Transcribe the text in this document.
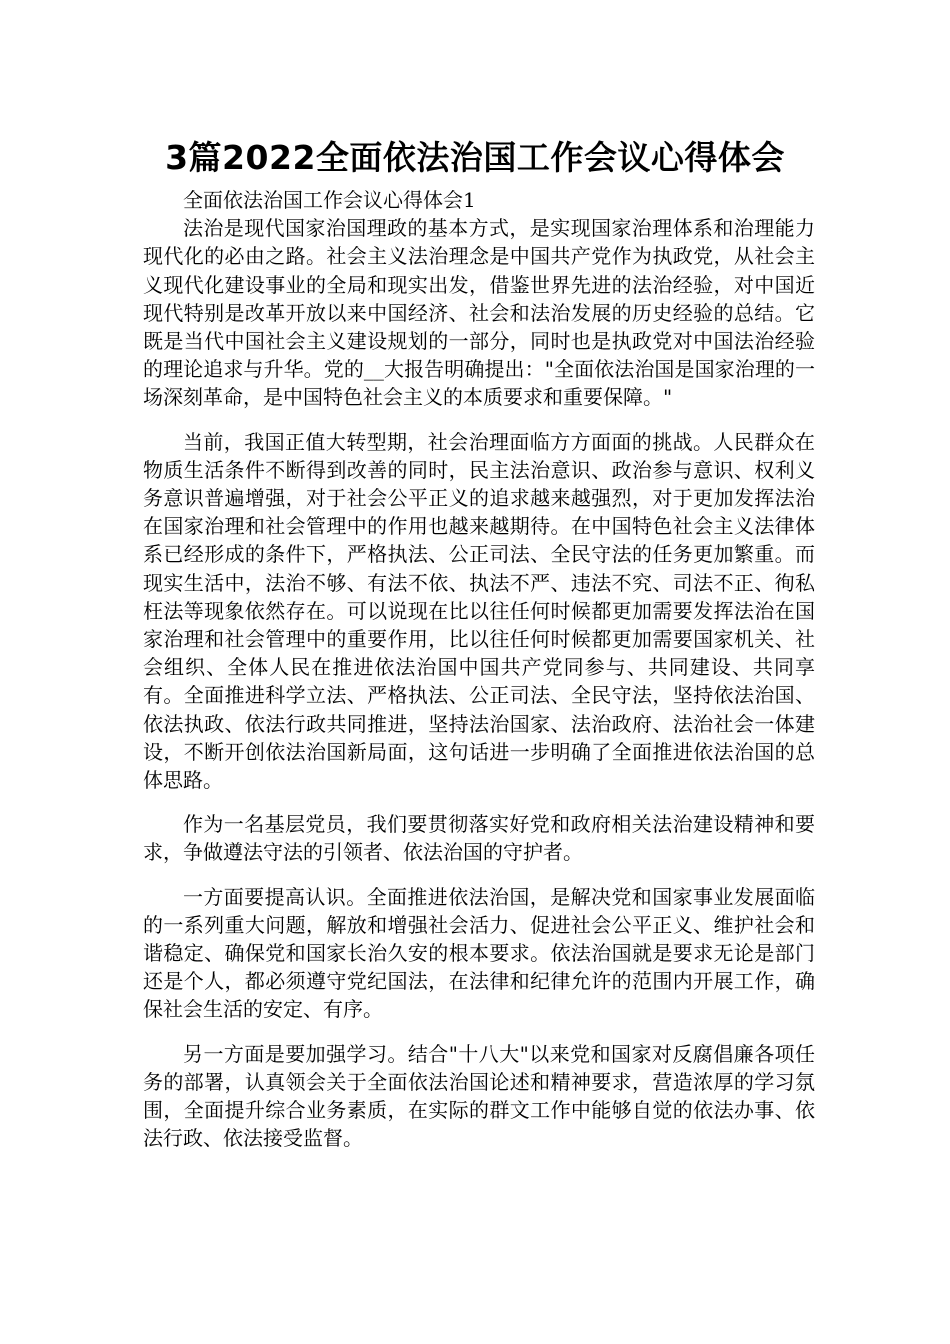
3篇2022全面依法治国工作会议心得体会

全面依法治国工作会议心得体会1

法治是现代国家治国理政的基本方式，是实现国家治理体系和治理能力现代化的必由之路。社会主义法治理念是中国共产党作为执政党，从社会主义现代化建设事业的全局和现实出发，借鉴世界先进的法治经验，对中国近现代特别是改革开放以来中国经济、社会和法治发展的历史经验的总结。它既是当代中国社会主义建设规划的一部分，同时也是执政党对中国法治经验的理论追求与升华。党的__大报告明确提出："全面依法治国是国家治理的一场深刻革命，是中国特色社会主义的本质要求和重要保障。"

当前，我国正值大转型期，社会治理面临方方面面的挑战。人民群众在物质生活条件不断得到改善的同时，民主法治意识、政治参与意识、权利义务意识普遍增强，对于社会公平正义的追求越来越强烈，对于更加发挥法治在国家治理和社会管理中的作用也越来越期待。在中国特色社会主义法律体系已经形成的条件下，严格执法、公正司法、全民守法的任务更加繁重。而现实生活中，法治不够、有法不依、执法不严、违法不究、司法不正、徇私枉法等现象依然存在。可以说现在比以往任何时候都更加需要发挥法治在国家治理和社会管理中的重要作用，比以往任何时候都更加需要国家机关、社会组织、全体人民在推进依法治国中国共产党同参与、共同建设、共同享有。全面推进科学立法、严格执法、公正司法、全民守法，坚持依法治国、依法执政、依法行政共同推进，坚持法治国家、法治政府、法治社会一体建设，不断开创依法治国新局面，这句话进一步明确了全面推进依法治国的总体思路。

作为一名基层党员，我们要贯彻落实好党和政府相关法治建设精神和要求，争做遵法守法的引领者、依法治国的守护者。

一方面要提高认识。全面推进依法治国，是解决党和国家事业发展面临的一系列重大问题，解放和增强社会活力、促进社会公平正义、维护社会和谐稳定、确保党和国家长治久安的根本要求。依法治国就是要求无论是部门还是个人，都必须遵守党纪国法，在法律和纪律允许的范围内开展工作，确保社会生活的安定、有序。

另一方面是要加强学习。结合"十八大"以来党和国家对反腐倡廉各项任务的部署，认真领会关于全面依法治国论述和精神要求，营造浓厚的学习氛围，全面提升综合业务素质，在实际的群文工作中能够自觉的依法办事、依法行政、依法接受监督。
